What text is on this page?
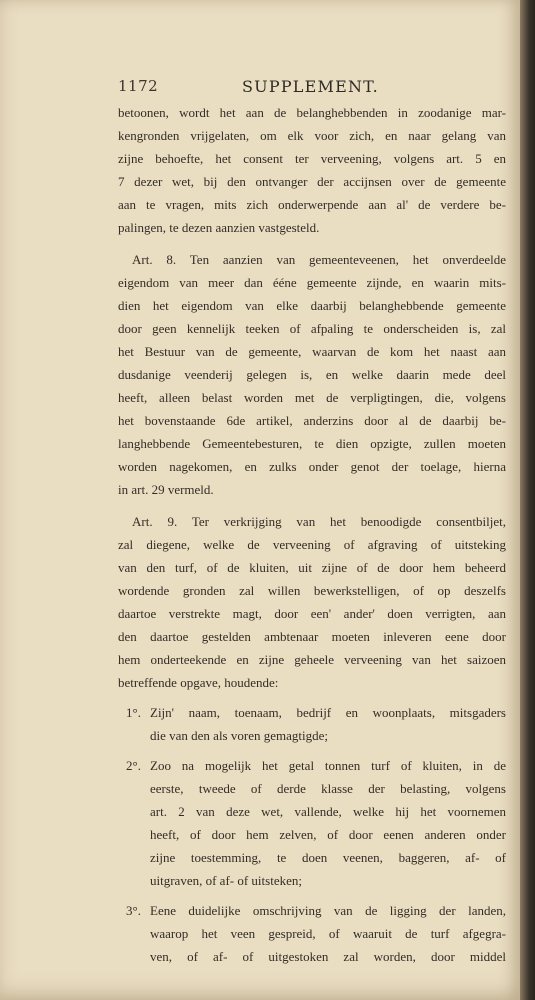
1172	SUPPLEMENT.

betoonen, wordt het aan de belanghebbenden in zoodanige mar-
kengronden vrijgelaten, om elk voor zich, en naar gelang van
zijne behoefte, het consent ter verveening, volgens art. 5 en
7 dezer wet, bij den ontvanger der accijnsen over de gemeente
aan te vragen, mits zich onderwerpende aan al' de verdere be-
palingen, te dezen aanzien vastgesteld.

Art. 8. Ten aanzien van gemeenteveenen, het onverdeelde
eigendom van meer dan ééne gemeente zijnde, en waarin mits-
dien het eigendom van elke daarbij belanghebbende gemeente
door geen kennelijk teeken of afpaling te onderscheiden is, zal
het Bestuur van de gemeente, waarvan de kom het naast aan
dusdanige veenderij gelegen is, en welke daarin mede deel
heeft, alleen belast worden met de verpligtingen, die, volgens
het bovenstaande 6de artikel, anderzins door al de daarbij be-
langhebbende Gemeentebesturen, te dien opzigte, zullen moeten
worden nagekomen, en zulks onder genot der toelage, hierna
in art. 29 vermeld.

Art. 9. Ter verkrijging van het benoodigde consentbiljet,
zal diegene, welke de verveening of afgraving of uitsteking
van den turf, of de kluiten, uit zijne of de door hem beheerd
wordende gronden zal willen bewerkstelligen, of op deszelfs
daartoe verstrekte magt, door een' ander' doen verrigten, aan
den daartoe gestelden ambtenaar moeten inleveren eene door
hem onderteekende en zijne geheele verveening van het saizoen
betreffende opgave, houdende:

1°. Zijn' naam, toenaam, bedrijf en woonplaats, mitsgaders
die van den als voren gemagtigde;
2°. Zoo na mogelijk het getal tonnen turf of kluiten, in de
eerste, tweede of derde klasse der belasting, volgens
art. 2 van deze wet, vallende, welke hij het voornemen
heeft, of door hem zelven, of door eenen anderen onder
zijne toestemming, te doen veenen, baggeren, af- of
uitgraven, of af- of uitsteken;
3°. Eene duidelijke omschrijving van de ligging der landen,
waarop het veen gespreid, of waaruit de turf afgegra-
ven, of af- of uitgestoken zal worden, door middel
